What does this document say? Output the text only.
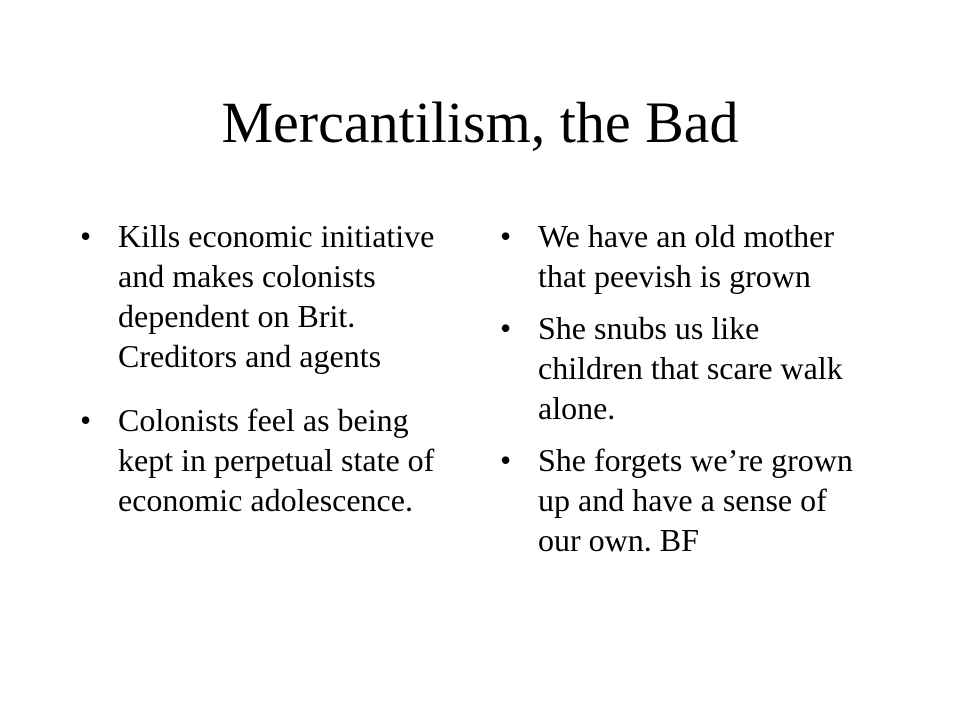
Mercantilism, the Bad
• Kills economic initiative and makes colonists dependent on Brit. Creditors and agents
• Colonists feel as being kept in perpetual state of economic adolescence.
• We have an old mother that peevish is grown
• She snubs us like children that scare walk alone.
• She forgets we’re grown up and have a sense of our own. BF
